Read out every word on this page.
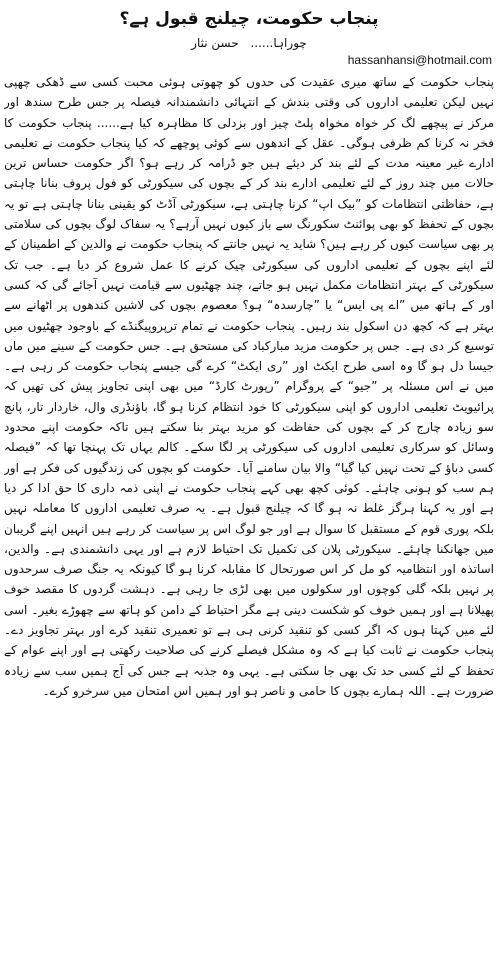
پنجاب حکومت، چیلنج قبول ہے؟
چوراہا...... حسن نثار
hassanhansi@hotmail.com

پنجاب حکومت کے ساتھ میری عقیدت کی حدوں کو چھوتی ہوئی محبت کسی سے ڈھکی چھپی نہیں لیکن تعلیمی اداروں کی وقتی بندش کے انتہائی دانشمندانہ فیصلہ پر جس طرح سندھ اور مرکز نے پیچھے لگ کر خواہ مخواہ پلٹ چیز اور بزدلی کا مظاہرہ کیا ہے...... پنجاب حکومت کا فخر نہ کرنا کم ظرفی ہوگی۔ عقل کے اندھوں سے کوئی پوچھے کہ کیا پنجاب حکومت نے تعلیمی ادارے غیر معینہ مدت کے لئے بند کر دیئے ہیں جو ڈرامہ کر رہے ہو؟ اگر حکومت حساس ترین حالات میں چند روز کے لئے تعلیمی ادارے بند کر کے بچوں کی سیکورٹی کو فول پروف بنانا چاہتی ہے، حفاظتی انتظامات کو ”بیک اپ“ کرنا چاہتی ہے، سیکورٹی آڈٹ کو یقینی بنانا چاہتی ہے تو یہ بچوں کے تحفظ کو بھی پوائنٹ سکورنگ سے باز کیوں نہیں آرہے؟ یہ سفاک لوگ بچوں کی سلامتی پر بھی سیاست کیوں کر رہے ہیں؟ شاید یہ نہیں جانتے کہ پنجاب حکومت نے والدین کے اطمینان کے لئے اپنے بچوں کے تعلیمی اداروں کی سیکورٹی چیک کرنے کا عمل شروع کر دیا ہے۔ جب تک سیکورٹی کے بہتر انتظامات مکمل نہیں ہو جاتے، چند چھٹیوں سے قیامت نہیں آجائے گی کہ کسی اور کے ہاتھ میں ”اے پی ایس“ یا ”چارسدہ“ ہو؟ معصوم بچوں کی لاشیں کندھوں پر اٹھانے سے بہتر ہے کہ کچھ دن اسکول بند رہیں۔ پنجاب حکومت نے تمام ترپروپیگنڈے کے باوجود چھٹیوں میں توسیع کر دی ہے۔ جس پر حکومت مزید مبارکباد کی مستحق ہے۔ جس حکومت کے سینے میں ماں جیسا دل ہو گا وہ اسی طرح ایکٹ اور ”ری ایکٹ“ کرے گی جیسے پنجاب حکومت کر رہی ہے۔ میں نے اس مسئلہ پر ”جیو“ کے پروگرام ”رپورٹ کارڈ“ میں بھی اپنی تجاویز پیش کی تھیں کہ پرائیویٹ تعلیمی اداروں کو اپنی سیکورٹی کا خود انتظام کرنا ہو گا، باؤنڈری وال، خاردار تار، پانچ سو زیادہ چارج کر کے بچوں کی حفاظت کو مزید بہتر بنا سکتے ہیں تاکہ حکومت اپنے محدود وسائل کو سرکاری تعلیمی اداروں کی سیکورٹی پر لگا سکے۔ کالم یہاں تک پہنچا تھا کہ ”فیصلہ کسی دباؤ کے تحت نہیں کیا گیا“ والا بیان سامنے آیا۔ حکومت کو بچوں کی زندگیوں کی فکر ہے اور ہم سب کو ہونی چاہئے۔ کوئی کچھ بھی کہے پنجاب حکومت نے اپنی ذمہ داری کا حق ادا کر دیا ہے اور یہ کہنا ہرگز غلط نہ ہو گا کہ چیلنج قبول ہے۔ یہ صرف تعلیمی اداروں کا معاملہ نہیں بلکہ پوری قوم کے مستقبل کا سوال ہے اور جو لوگ اس پر سیاست کر رہے ہیں انہیں اپنے گریبان میں جھانکنا چاہئے۔ سیکورٹی پلان کی تکمیل تک احتیاط لازم ہے اور یہی دانشمندی ہے۔ والدین، اساتذہ اور انتظامیہ کو مل کر اس صورتحال کا مقابلہ کرنا ہو گا کیونکہ یہ جنگ صرف سرحدوں پر نہیں بلکہ گلی کوچوں اور سکولوں میں بھی لڑی جا رہی ہے۔ دہشت گردوں کا مقصد خوف پھیلانا ہے اور ہمیں خوف کو شکست دینی ہے مگر احتیاط کے دامن کو ہاتھ سے چھوڑے بغیر۔ اسی لئے میں کہتا ہوں کہ اگر کسی کو تنقید کرنی ہی ہے تو تعمیری تنقید کرے اور بہتر تجاویز دے۔ پنجاب حکومت نے ثابت کیا ہے کہ وہ مشکل فیصلے کرنے کی صلاحیت رکھتی ہے اور اپنے عوام کے تحفظ کے لئے کسی حد تک بھی جا سکتی ہے۔ یہی وہ جذبہ ہے جس کی آج ہمیں سب سے زیادہ ضرورت ہے۔ اللہ ہمارے بچوں کا حامی و ناصر ہو اور ہمیں اس امتحان میں سرخرو کرے۔
